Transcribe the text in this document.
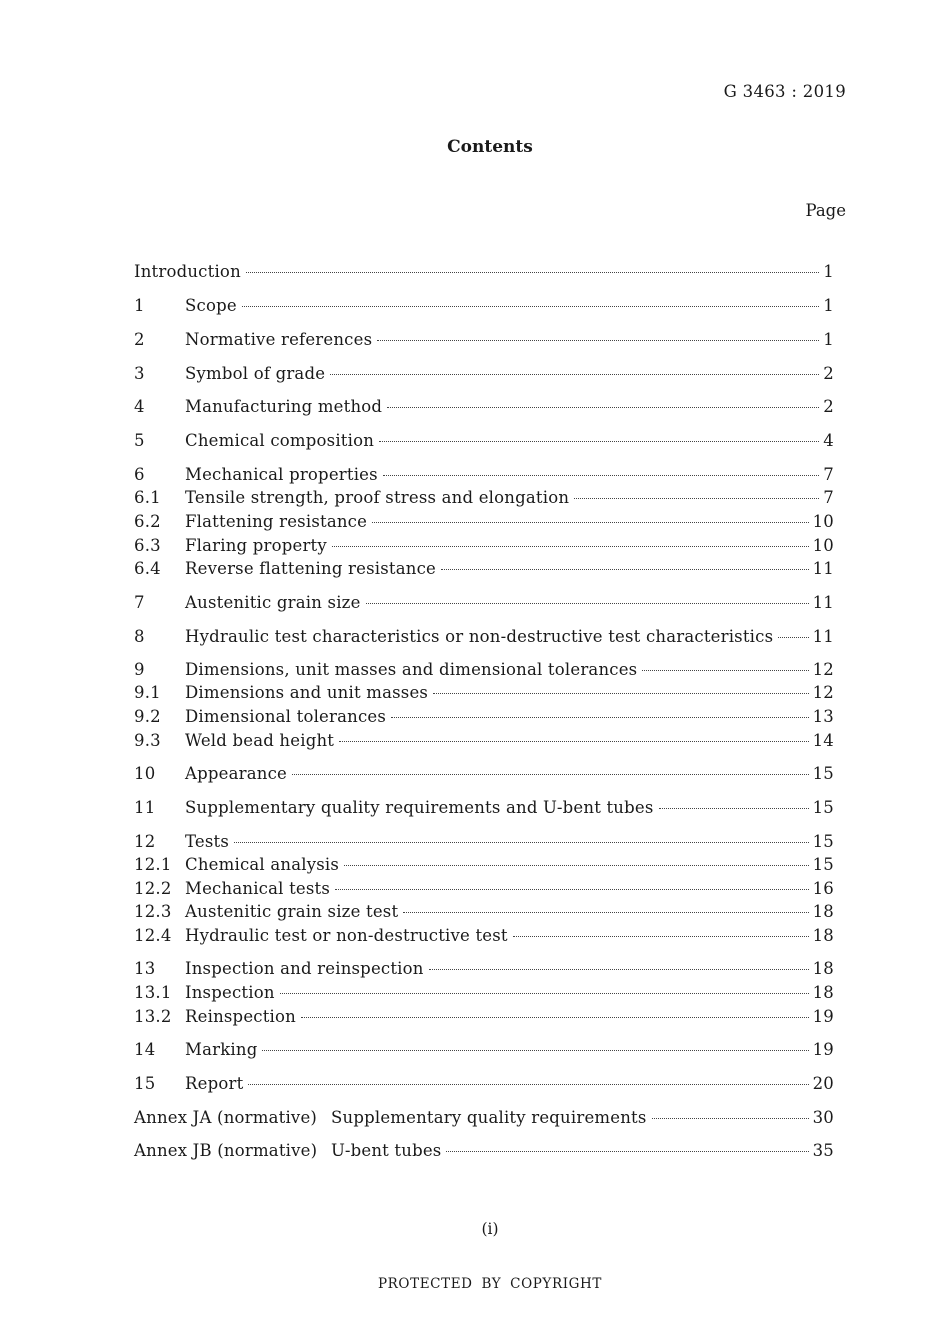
G 3463 : 2019
Contents
Page
Introduction	1
1	Scope	1
2	Normative references	1
3	Symbol of grade	2
4	Manufacturing method	2
5	Chemical composition	4
6	Mechanical properties	7
6.1	Tensile strength, proof stress and elongation	7
6.2	Flattening resistance	10
6.3	Flaring property	10
6.4	Reverse flattening resistance	11
7	Austenitic grain size	11
8	Hydraulic test characteristics or non-destructive test characteristics 11
9	Dimensions, unit masses and dimensional tolerances	12
9.1	Dimensions and unit masses	12
9.2	Dimensional tolerances	13
9.3	Weld bead height	14
10	Appearance	15
11	Supplementary quality requirements and U-bent tubes	15
12	Tests	15
12.1 Chemical analysis	15
12.2 Mechanical tests	16
12.3 Austenitic grain size test	18
12.4 Hydraulic test or non-destructive test	18
13	Inspection and reinspection	18
13.1 Inspection	18
13.2 Reinspection	19
14	Marking	19
15	Report	20
Annex JA (normative) Supplementary quality requirements	30
Annex JB (normative) U-bent tubes	35
(i)
PROTECTED BY COPYRIGHT
